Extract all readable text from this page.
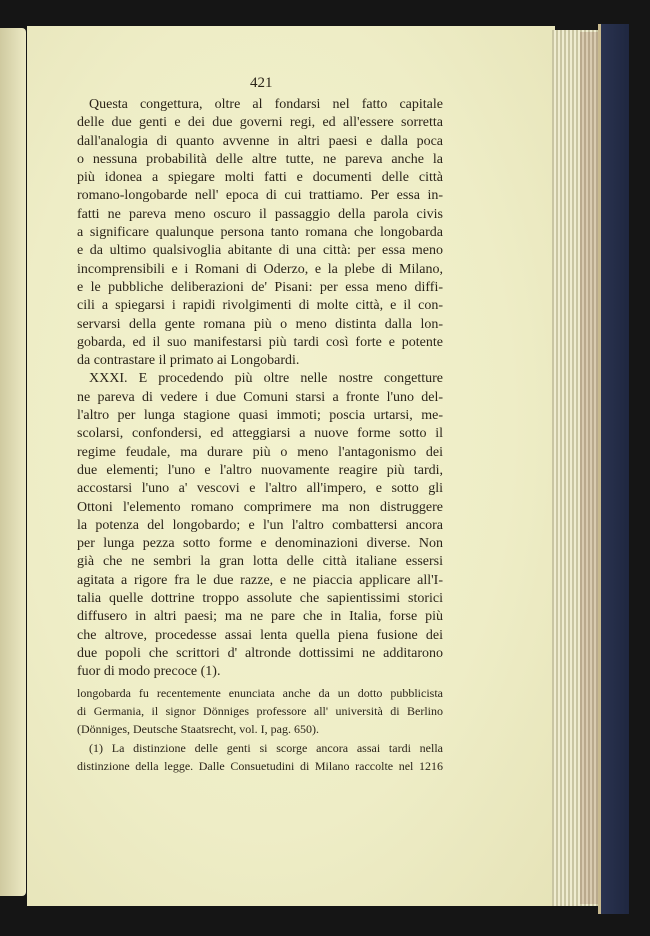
421
Questa congettura, oltre al fondarsi nel fatto capitale
delle due genti e dei due governi regi, ed all'essere sorretta
dall'analogia di quanto avvenne in altri paesi e dalla poca
o nessuna probabilità delle altre tutte, ne pareva anche la
più idonea a spiegare molti fatti e documenti delle città
romano-longobarde nell' epoca di cui trattiamo. Per essa in-
fatti ne pareva meno oscuro il passaggio della parola civis
a significare qualunque persona tanto romana che longobarda
e da ultimo qualsivoglia abitante di una città: per essa meno
incomprensibili e i Romani di Oderzo, e la plebe di Milano,
e le pubbliche deliberazioni de' Pisani: per essa meno diffi-
cili a spiegarsi i rapidi rivolgimenti di molte città, e il con-
servarsi della gente romana più o meno distinta dalla lon-
gobarda, ed il suo manifestarsi più tardi così forte e potente
da contrastare il primato ai Longobardi.
XXXI. E procedendo più oltre nelle nostre congetture
ne pareva di vedere i due Comuni starsi a fronte l'uno del-
l'altro per lunga stagione quasi immoti; poscia urtarsi, me-
scolarsi, confondersi, ed atteggiarsi a nuove forme sotto il
regime feudale, ma durare più o meno l'antagonismo dei
due elementi; l'uno e l'altro nuovamente reagire più tardi,
accostarsi l'uno a' vescovi e l'altro all'impero, e sotto gli
Ottoni l'elemento romano comprimere ma non distruggere
la potenza del longobardo; e l'un l'altro combattersi ancora
per lunga pezza sotto forme e denominazioni diverse. Non
già che ne sembri la gran lotta delle città italiane essersi
agitata a rigore fra le due razze, e ne piaccia applicare all'I-
talia quelle dottrine troppo assolute che sapientissimi storici
diffusero in altri paesi; ma ne pare che in Italia, forse più
che altrove, procedesse assai lenta quella piena fusione dei
due popoli che scrittori d' altronde dottissimi ne additarono
fuor di modo precoce (1).
longobarda fu recentemente enunciata anche da un dotto pubblicista
di Germania, il signor Dönniges professore all' università di Berlino
(Dönniges, Deutsche Staatsrecht, vol. I, pag. 650).
(1) La distinzione delle genti si scorge ancora assai tardi nella
distinzione della legge. Dalle Consuetudini di Milano raccolte nel 1216
